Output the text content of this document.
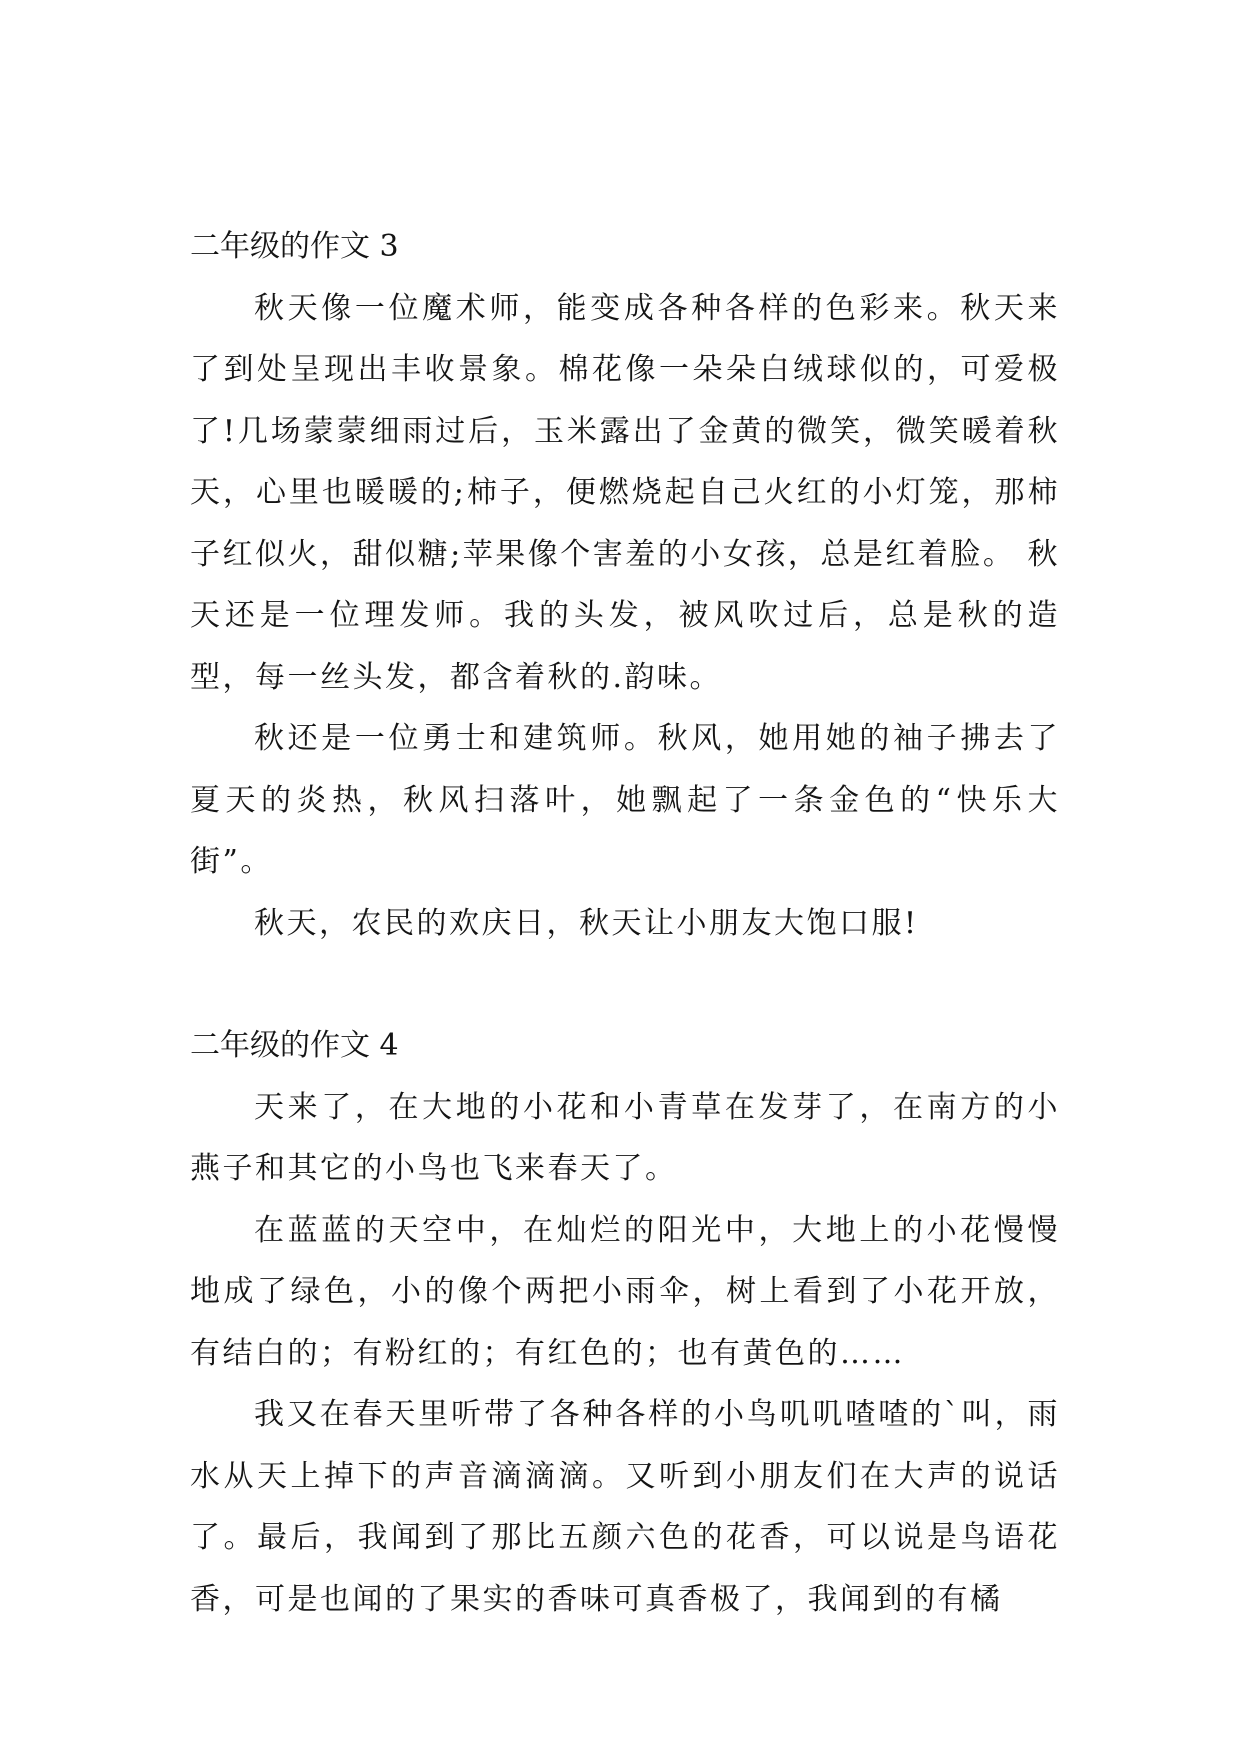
二年级的作文 3

秋天像一位魔术师，能变成各种各样的色彩来。秋天来了到处呈现出丰收景象。棉花像一朵朵白绒球似的，可爱极了!几场蒙蒙细雨过后，玉米露出了金黄的微笑，微笑暖着秋天，心里也暖暖的;柿子，便燃烧起自己火红的小灯笼，那柿子红似火，甜似糖;苹果像个害羞的小女孩，总是红着脸。 秋天还是一位理发师。我的头发，被风吹过后，总是秋的造型，每一丝头发，都含着秋的.韵味。

秋还是一位勇士和建筑师。秋风，她用她的袖子拂去了夏天的炎热，秋风扫落叶，她飘起了一条金色的“快乐大街”。

秋天，农民的欢庆日，秋天让小朋友大饱口服!

二年级的作文 4

天来了，在大地的小花和小青草在发芽了，在南方的小燕子和其它的小鸟也飞来春天了。

在蓝蓝的天空中，在灿烂的阳光中，大地上的小花慢慢地成了绿色，小的像个两把小雨伞，树上看到了小花开放，有结白的；有粉红的；有红色的；也有黄色的……

我又在春天里听带了各种各样的小鸟叽叽喳喳的`叫，雨水从天上掉下的声音滴滴滴。又听到小朋友们在大声的说话了。最后，我闻到了那比五颜六色的花香，可以说是鸟语花香，可是也闻的了果实的香味可真香极了，我闻到的有橘
